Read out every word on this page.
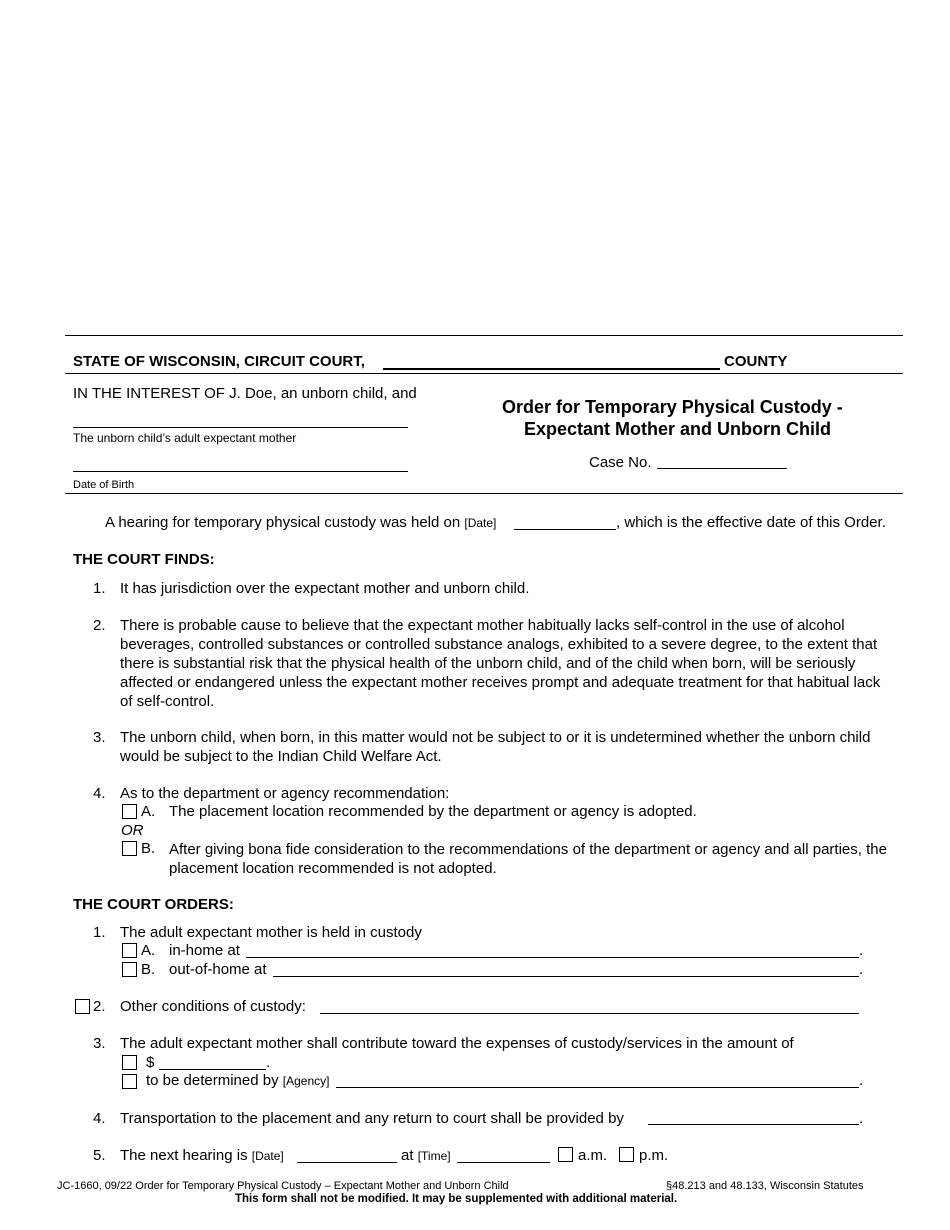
STATE OF WISCONSIN, CIRCUIT COURT,	COUNTY
IN THE INTEREST OF J. Doe, an unborn child, and
The unborn child’s adult expectant mother
Date of Birth
Order for Temporary Physical Custody -
Expectant Mother and Unborn Child
Case No.
A hearing for temporary physical custody was held on [Date]	, which is the effective date of this Order.
THE COURT FINDS:
1. It has jurisdiction over the expectant mother and unborn child.
2. There is probable cause to believe that the expectant mother habitually lacks self-control in the use of alcohol beverages, controlled substances or controlled substance analogs, exhibited to a severe degree, to the extent that there is substantial risk that the physical health of the unborn child, and of the child when born, will be seriously affected or endangered unless the expectant mother receives prompt and adequate treatment for that habitual lack of self-control.
3. The unborn child, when born, in this matter would not be subject to or it is undetermined whether the unborn child would be subject to the Indian Child Welfare Act.
4. As to the department or agency recommendation:
A. The placement location recommended by the department or agency is adopted.
OR
B. After giving bona fide consideration to the recommendations of the department or agency and all parties, the placement location recommended is not adopted.
THE COURT ORDERS:
1. The adult expectant mother is held in custody
A. in-home at	.
B. out-of-home at	.
2. Other conditions of custody:
3. The adult expectant mother shall contribute toward the expenses of custody/services in the amount of
$	.
to be determined by [Agency]	.
4. Transportation to the placement and any return to court shall be provided by	.
5. The next hearing is [Date]	at [Time]	a.m. p.m.
JC-1660, 09/22 Order for Temporary Physical Custody – Expectant Mother and Unborn Child	§48.213 and 48.133, Wisconsin Statutes
This form shall not be modified. It may be supplemented with additional material.
